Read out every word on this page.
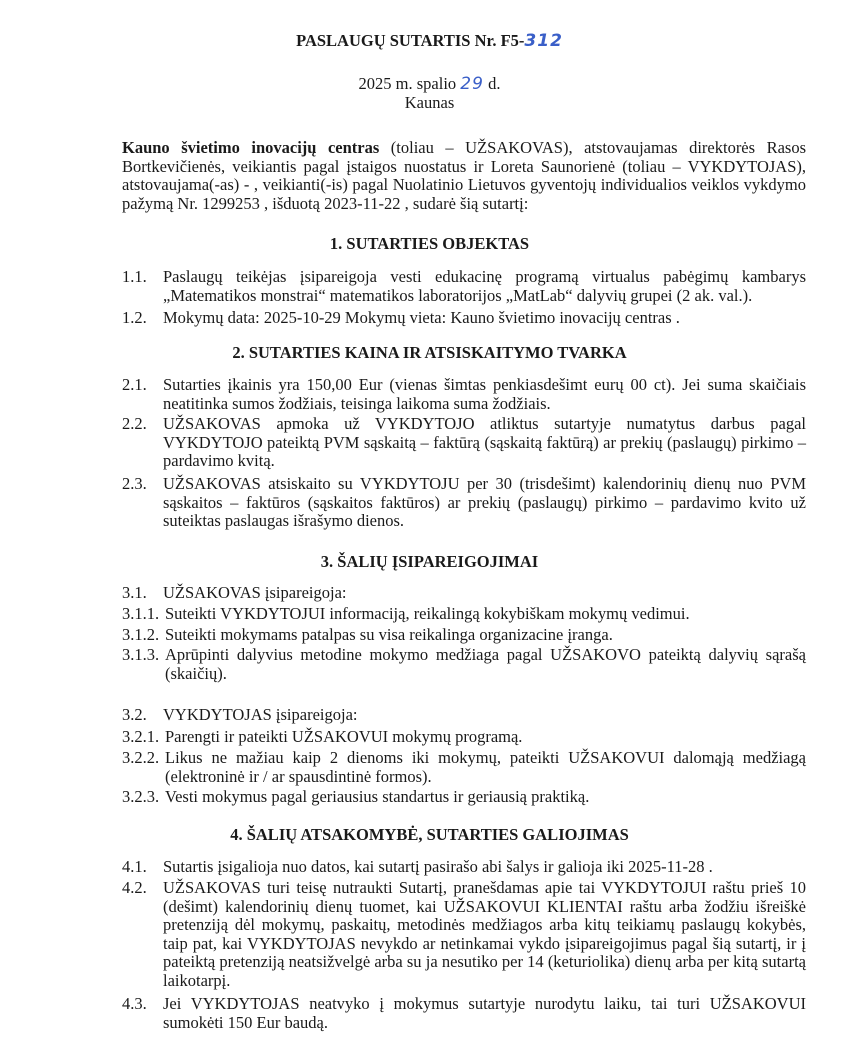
PASLAUGŲ SUTARTIS Nr. F5-312
2025 m. spalio 29 d.
Kaunas
Kauno švietimo inovacijų centras (toliau – UŽSAKOVAS), atstovaujamas direktorės Rasos Bortkevičienės, veikiantis pagal įstaigos nuostatus ir Loreta Saunorienė (toliau – VYKDYTOJAS), atstovaujama(-as) - , veikianti(-is) pagal Nuolatinio Lietuvos gyventojų individualios veiklos vykdymo pažymą Nr. 1299253 , išduotą 2023-11-22 , sudarė šią sutartį:
1. SUTARTIES OBJEKTAS
1.1. Paslaugų teikėjas įsipareigoja vesti edukacinę programą virtualus pabėgimų kambarys „Matematikos monstrai“ matematikos laboratorijos „MatLab“ dalyvių grupei (2 ak. val.).
1.2. Mokymų data: 2025-10-29 Mokymų vieta: Kauno švietimo inovacijų centras .
2. SUTARTIES KAINA IR ATSISKAITYMO TVARKA
2.1. Sutarties įkainis yra 150,00 Eur (vienas šimtas penkiasdešimt eurų 00 ct). Jei suma skaičiais neatitinka sumos žodžiais, teisinga laikoma suma žodžiais.
2.2. UŽSAKOVAS apmoka už VYKDYTOJO atliktus sutartyje numatytus darbus pagal VYKDYTOJO pateiktą PVM sąskaitą – faktūrą (sąskaitą faktūrą) ar prekių (paslaugų) pirkimo – pardavimo kvitą.
2.3. UŽSAKOVAS atsiskaito su VYKDYTOJU per 30 (trisdešimt) kalendorinių dienų nuo PVM sąskaitos – faktūros (sąskaitos faktūros) ar prekių (paslaugų) pirkimo – pardavimo kvito už suteiktas paslaugas išrašymo dienos.
3. ŠALIŲ ĮSIPAREIGOJIMAI
3.1. UŽSAKOVAS įsipareigoja:
3.1.1. Suteikti VYKDYTOJUI informaciją, reikalingą kokybiškam mokymų vedimui.
3.1.2. Suteikti mokymams patalpas su visa reikalinga organizacine įranga.
3.1.3. Aprūpinti dalyvius metodine mokymo medžiaga pagal UŽSAKOVO pateiktą dalyvių sąrašą (skaičių).
3.2. VYKDYTOJAS įsipareigoja:
3.2.1. Parengti ir pateikti UŽSAKOVUI mokymų programą.
3.2.2. Likus ne mažiau kaip 2 dienoms iki mokymų, pateikti UŽSAKOVUI dalomąją medžiagą (elektroninė ir / ar spausdintinė formos).
3.2.3. Vesti mokymus pagal geriausius standartus ir geriausią praktiką.
4. ŠALIŲ ATSAKOMYBĖ, SUTARTIES GALIOJIMAS
4.1. Sutartis įsigalioja nuo datos, kai sutartį pasirašo abi šalys ir galioja iki 2025-11-28 .
4.2. UŽSAKOVAS turi teisę nutraukti Sutartį, pranešdamas apie tai VYKDYTOJUI raštu prieš 10 (dešimt) kalendorinių dienų tuomet, kai UŽSAKOVUI KLIENTAI raštu arba žodžiu išreiškė pretenziją dėl mokymų, paskaitų, metodinės medžiagos arba kitų teikiamų paslaugų kokybės, taip pat, kai VYKDYTOJAS nevykdo ar netinkamai vykdo įsipareigojimus pagal šią sutartį, ir į pateiktą pretenziją neatsižvelgė arba su ja nesutiko per 14 (keturiolika) dienų arba per kitą sutartą laikotarpį.
4.3. Jei VYKDYTOJAS neatvyko į mokymus sutartyje nurodytu laiku, tai turi UŽSAKOVUI sumokėti 150 Eur baudą.
